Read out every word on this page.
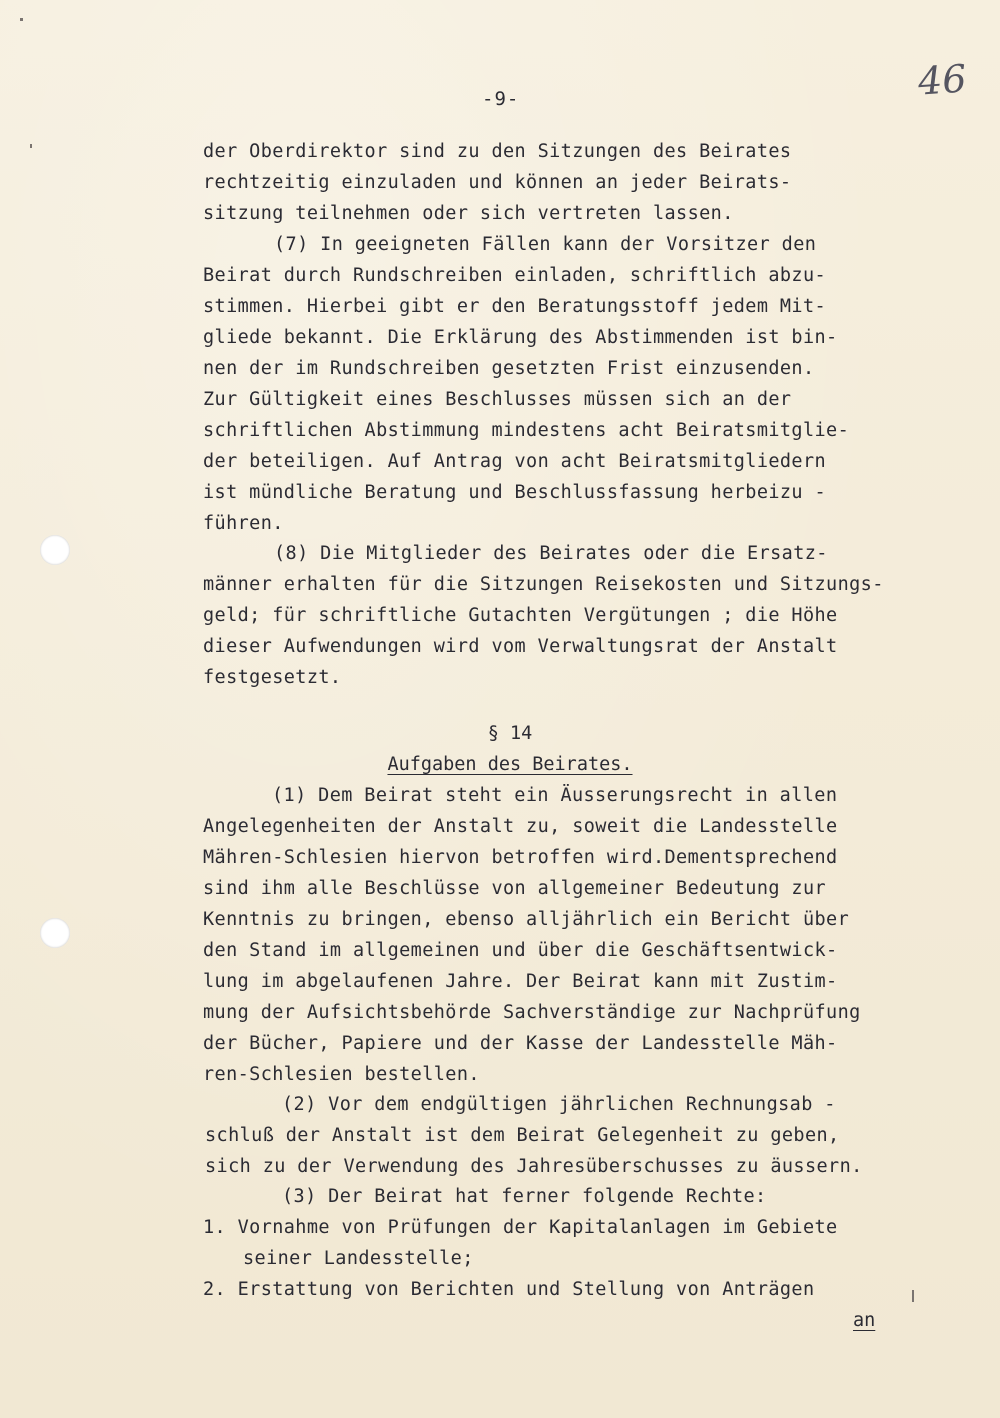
-9-	46
der Oberdirektor sind zu den Sitzungen des Beirates
rechtzeitig einzuladen und können an jeder Beirats-
sitzung teilnehmen oder sich vertreten lassen.
(7) In geeigneten Fällen kann der Vorsitzer den
Beirat durch Rundschreiben einladen, schriftlich abzu-
stimmen. Hierbei gibt er den Beratungsstoff jedem Mit-
gliede bekannt. Die Erklärung des Abstimmenden ist bin-
nen der im Rundschreiben gesetzten Frist einzusenden.
Zur Gültigkeit eines Beschlusses müssen sich an der
schriftlichen Abstimmung mindestens acht Beiratsmitglie-
der beteiligen. Auf Antrag von acht Beiratsmitgliedern
ist mündliche Beratung und Beschlussfassung herbeizu -
führen.
(8) Die Mitglieder des Beirates oder die Ersatz-
männer erhalten für die Sitzungen Reisekosten und Sitzungs-
geld; für schriftliche Gutachten Vergütungen ; die Höhe
dieser Aufwendungen wird vom Verwaltungsrat der Anstalt
festgesetzt.
§ 14
Aufgaben des Beirates.
(1) Dem Beirat steht ein Äusserungsrecht in allen
Angelegenheiten der Anstalt zu, soweit die Landesstelle
Mähren-Schlesien hiervon betroffen wird.Dementsprechend
sind ihm alle Beschlüsse von allgemeiner Bedeutung zur
Kenntnis zu bringen, ebenso alljährlich ein Bericht über
den Stand im allgemeinen und über die Geschäftsentwick-
lung im abgelaufenen Jahre. Der Beirat kann mit Zustim-
mung der Aufsichtsbehörde Sachverständige zur Nachprüfung
der Bücher, Papiere und der Kasse der Landesstelle Mäh-
ren-Schlesien bestellen.
(2) Vor dem endgültigen jährlichen Rechnungsab -
schluß der Anstalt ist dem Beirat Gelegenheit zu geben,
sich zu der Verwendung des Jahresüberschusses zu äussern.
(3) Der Beirat hat ferner folgende Rechte:
1. Vornahme von Prüfungen der Kapitalanlagen im Gebiete
seiner Landesstelle;
2. Erstattung von Berichten und Stellung von Anträgen
an
